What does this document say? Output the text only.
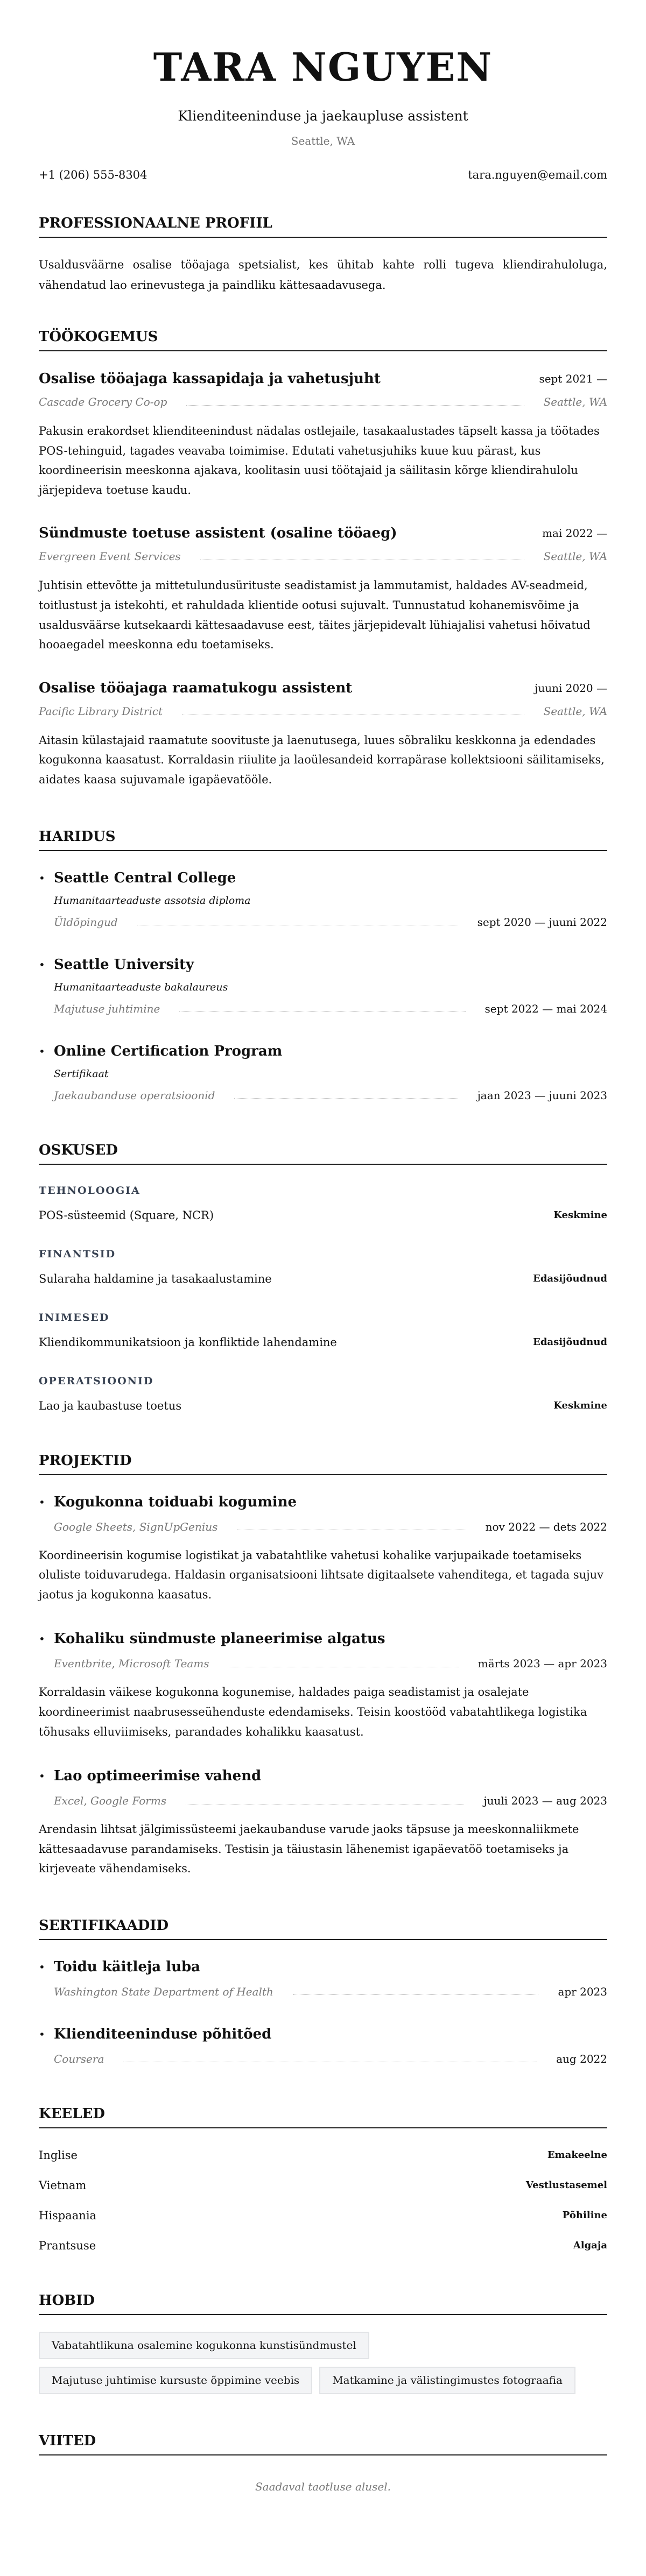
TARA NGUYEN
Klienditeeninduse ja jaekaupluse assistent
Seattle, WA
+1 (206) 555-8304	tara.nguyen@email.com
PROFESSIONAALNE PROFIIL

Usaldusväärne osalise tööajaga spetsialist, kes ühitab kahte rolli tugeva kliendirahuloluga, vähendatud lao erinevustega ja paindliku kättesaadavusega.

TÖÖKOGEMUS
Osalise tööajaga kassapidaja ja vahetusjuht	sept 2021 —
Cascade Grocery Co-op	Seattle, WA

Pakusin erakordset klienditeenindust nädalas ostlejaile, tasakaalustades täpselt kassa ja töötades POS-tehinguid, tagades veavaba toimimise. Edutati vahetusjuhiks kuue kuu pärast, kus koordineerisin meeskonna ajakava, koolitasin uusi töötajaid ja säilitasin kõrge kliendirahulolu järjepideva toetuse kaudu.

Sündmuste toetuse assistent (osaline tööaeg)	mai 2022 —
Evergreen Event Services	Seattle, WA

Juhtisin ettevõtte ja mittetulundusürituste seadistamist ja lammutamist, haldades AV-seadmeid, toitlustust ja istekohti, et rahuldada klientide ootusi sujuvalt. Tunnustatud kohanemisvõime ja usaldusväärse kutsekaardi kättesaadavuse eest, täites järjepidevalt lühiajalisi vahetusi hõivatud hooaegadel meeskonna edu toetamiseks.

Osalise tööajaga raamatukogu assistent	juuni 2020 —
Pacific Library District	Seattle, WA

Aitasin külastajaid raamatute soovituste ja laenutusega, luues sõbraliku keskkonna ja edendades kogukonna kaasatust. Korraldasin riiulite ja laoülesandeid korrapärase kollektsiooni säilitamiseks, aidates kaasa sujuvamale igapäevatööle.

HARIDUS
• Seattle Central College
Humanitaarteaduste assotsia diploma
Üldõpingud	sept 2020 — juuni 2022
• Seattle University
Humanitaarteaduste bakalaureus
Majutuse juhtimine	sept 2022 — mai 2024
• Online Certification Program
Sertifikaat
Jaekaubanduse operatsioonid	jaan 2023 — juuni 2023
OSKUSED
TEHNOLOOGIA
POS-süsteemid (Square, NCR)	Keskmine
FINANTSID
Sularaha haldamine ja tasakaalustamine	Edasijõudnud
INIMESED
Kliendikommunikatsioon ja konfliktide lahendamine	Edasijõudnud
OPERATSIOONID
Lao ja kaubastuse toetus	Keskmine
PROJEKTID
• Kogukonna toiduabi kogumine
Google Sheets, SignUpGenius	nov 2022 — dets 2022

Koordineerisin kogumise logistikat ja vabatahtlike vahetusi kohalike varjupaikade toetamiseks oluliste toiduvarudega. Haldasin organisatsiooni lihtsate digitaalsete vahenditega, et tagada sujuv jaotus ja kogukonna kaasatus.

• Kohaliku sündmuste planeerimise algatus
Eventbrite, Microsoft Teams	märts 2023 — apr 2023

Korraldasin väikese kogukonna kogunemise, haldades paiga seadistamist ja osalejate koordineerimist naabrusesseühenduste edendamiseks. Teisin koostööd vabatahtlikega logistika tõhusaks elluviimiseks, parandades kohalikku kaasatust.

• Lao optimeerimise vahend
Excel, Google Forms	juuli 2023 — aug 2023

Arendasin lihtsat jälgimissüsteemi jaekaubanduse varude jaoks täpsuse ja meeskonnaliikmete kättesaadavuse parandamiseks. Testisin ja täiustasin lähenemist igapäevatöö toetamiseks ja kirjeveate vähendamiseks.

SERTIFIKAADID
• Toidu käitleja luba
Washington State Department of Health	apr 2023
• Klienditeeninduse põhitõed
Coursera	aug 2022
KEELED
Inglise	Emakeelne
Vietnam	Vestlustasemel
Hispaania	Põhiline
Prantsuse	Algaja
HOBID
Vabatahtlikuna osalemine kogukonna kunstisündmustel
Majutuse juhtimise kursuste õppimine veebis	Matkamine ja välistingimustes fotograafia
VIITED

Saadaval taotluse alusel.
